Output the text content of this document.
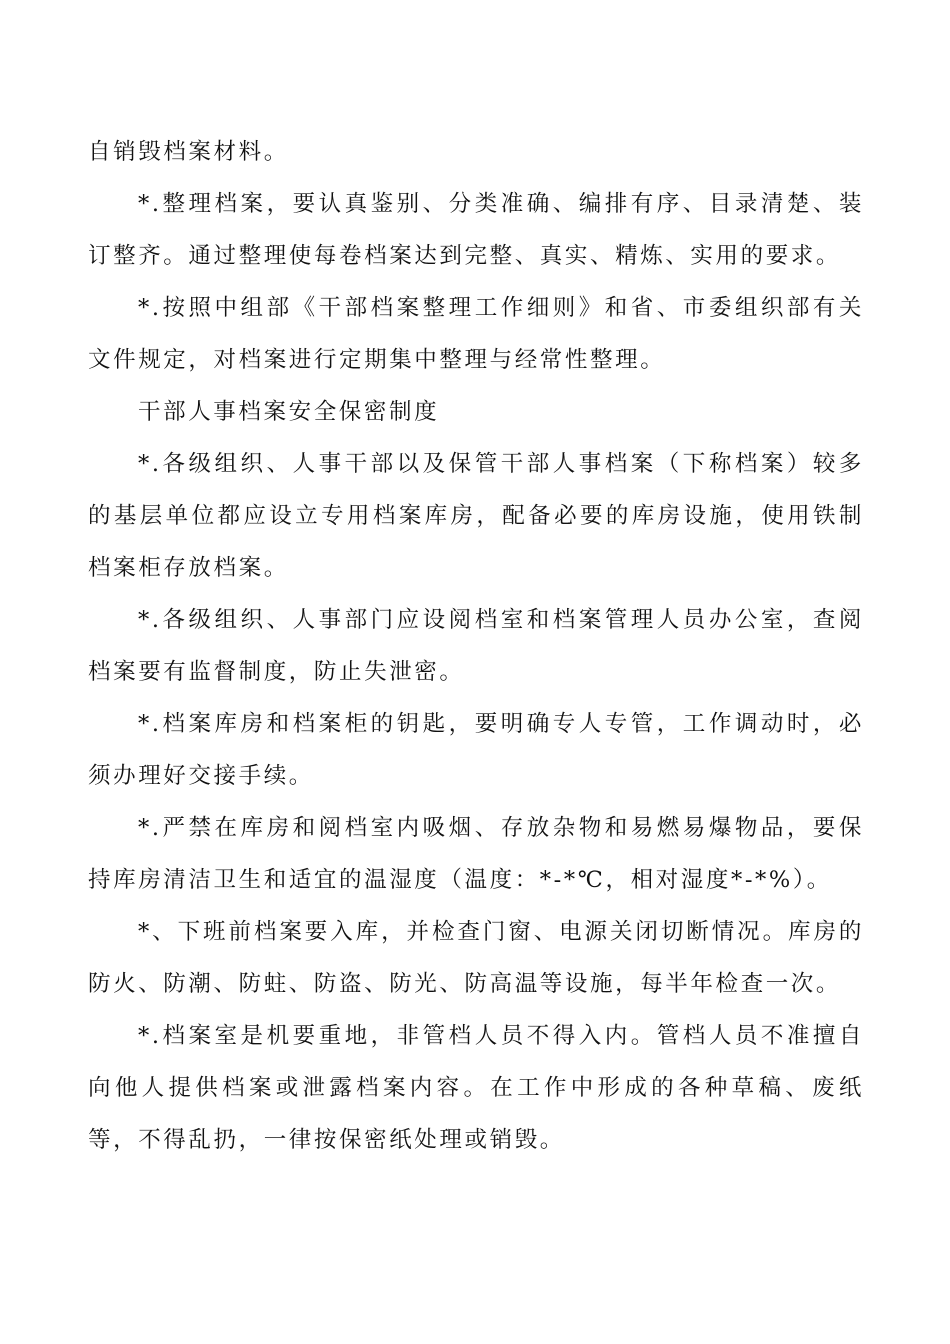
自销毁档案材料。

*.整理档案，要认真鉴别、分类准确、编排有序、目录清楚、装订整齐。通过整理使每卷档案达到完整、真实、精炼、实用的要求。

*.按照中组部《干部档案整理工作细则》和省、市委组织部有关文件规定，对档案进行定期集中整理与经常性整理。

干部人事档案安全保密制度

*.各级组织、人事干部以及保管干部人事档案（下称档案）较多的基层单位都应设立专用档案库房，配备必要的库房设施，使用铁制档案柜存放档案。

*.各级组织、人事部门应设阅档室和档案管理人员办公室，查阅档案要有监督制度，防止失泄密。

*.档案库房和档案柜的钥匙，要明确专人专管，工作调动时，必须办理好交接手续。

*.严禁在库房和阅档室内吸烟、存放杂物和易燃易爆物品，要保持库房清洁卫生和适宜的温湿度（温度：*-*℃，相对湿度*-*%）。

*、下班前档案要入库，并检查门窗、电源关闭切断情况。库房的防火、防潮、防蛀、防盗、防光、防高温等设施，每半年检查一次。

*.档案室是机要重地，非管档人员不得入内。管档人员不准擅自向他人提供档案或泄露档案内容。在工作中形成的各种草稿、废纸等，不得乱扔，一律按保密纸处理或销毁。
